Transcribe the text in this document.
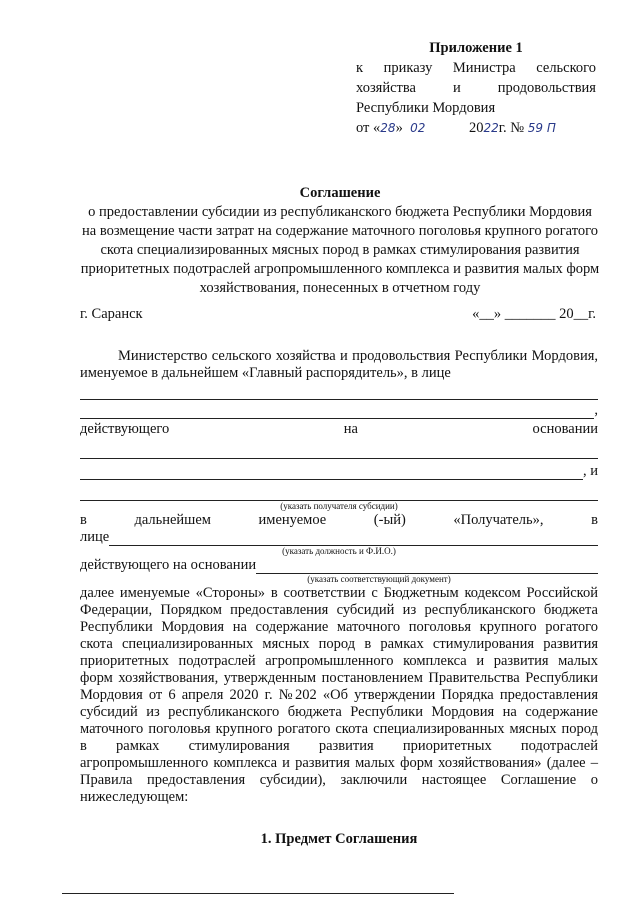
Приложение 1
к приказу Министра сельского
хозяйства	и	продовольствия
Республики Мордовия
от «28» 02	2022г. № 59 П
Соглашение
о предоставлении субсидии из республиканского бюджета Республики Мордовия на возмещение части затрат на содержание маточного поголовья крупного рогатого скота специализированных мясных пород в рамках стимулирования развития приоритетных подотраслей агропромышленного комплекса и развития малых форм хозяйствования, понесенных в отчетном году
г. Саранск	«__» _______ 20__г.
Министерство сельского хозяйства и продовольствия Республики Мордовия, именуемое в дальнейшем «Главный распорядитель», в лице
,
действующего	на	основании
, и
(указать получателя субсидии)
в	дальнейшем	именуемое	(-ый)	«Получатель»,	в
лице
(указать должность и Ф.И.О.)
действующего на основании
(указать соответствующий документ)
далее именуемые «Стороны» в соответствии с Бюджетным кодексом Российской Федерации, Порядком предоставления субсидий из республиканского бюджета Республики Мордовия на содержание маточного поголовья крупного рогатого скота специализированных мясных пород в рамках стимулирования развития приоритетных подотраслей агропромышленного комплекса и развития малых форм хозяйствования, утвержденным постановлением Правительства Республики Мордовия от 6 апреля 2020 г. №202 «Об утверждении Порядка предоставления субсидий из республиканского бюджета Республики Мордовия на содержание маточного поголовья крупного рогатого скота специализированных мясных пород в рамках стимулирования развития приоритетных подотраслей агропромышленного комплекса и развития малых форм хозяйствования» (далее – Правила предоставления субсидии), заключили настоящее Соглашение о нижеследующем:
1. Предмет Соглашения
